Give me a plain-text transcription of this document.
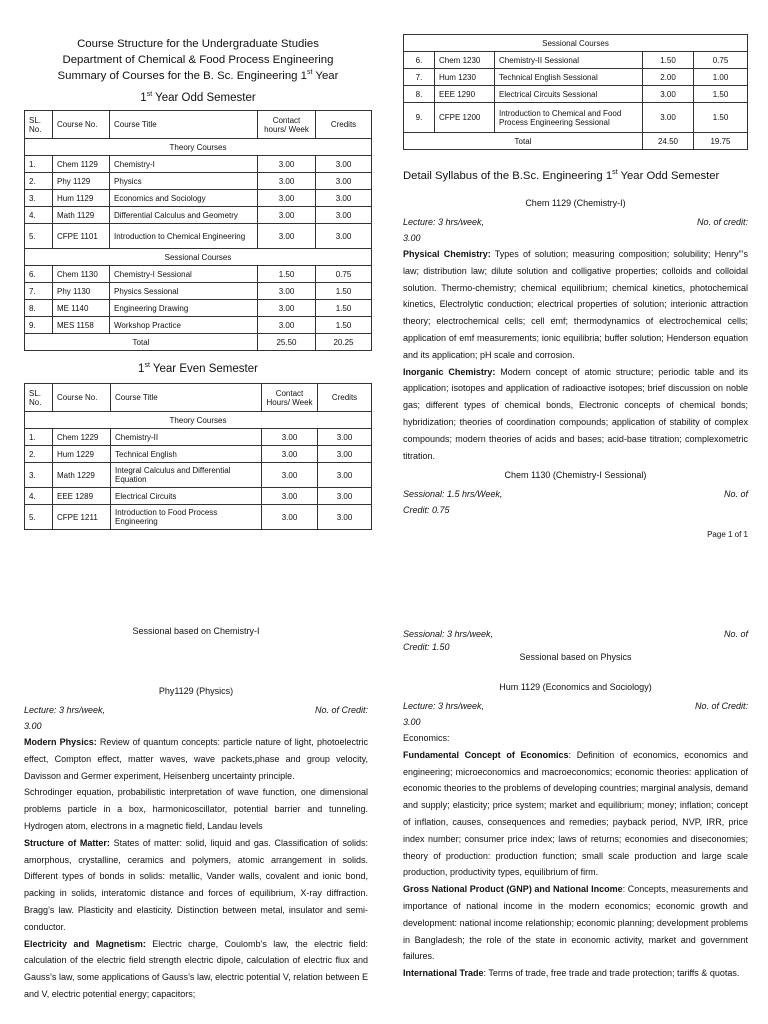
Course Structure for the Undergraduate Studies
Department of Chemical & Food Process Engineering
Summary of Courses for the B. Sc. Engineering 1st Year
1st Year Odd Semester
SL. No.	Course No.	Course Title	Contact hours/ Week	Credits
Theory Courses				
1.	Chem 1129	Chemistry-I	3.00	3.00
2.	Phy 1129	Physics	3.00	3.00
3.	Hum 1129	Economics and Sociology	3.00	3.00
4.	Math 1129	Differential Calculus and Geometry	3.00	3.00
5.	CFPE 1101	Introduction to Chemical Engineering	3.00	3.00
Sessional Courses				
6.	Chem 1130	Chemistry-I Sessional	1.50	0.75
7.	Phy 1130	Physics Sessional	3.00	1.50
8.	ME 1140	Engineering Drawing	3.00	1.50
9.	MES 1158	Workshop Practice	3.00	1.50
Total			25.50	20.25
1st Year Even Semester
SL. No.	Course No.	Course Title	Contact Hours/ Week	Credits
Theory Courses				
1.	Chem 1229	Chemistry-II	3.00	3.00
2.	Hum 1229	Technical English	3.00	3.00
3.	Math 1229	Integral Calculus and Differential Equation	3.00	3.00
4.	EEE 1289	Electrical Circuits	3.00	3.00
5.	CFPE 1211	Introduction to Food Process Engineering	3.00	3.00
Sessional Courses				
6.	Chem 1230	Chemistry-II Sessional	1.50	0.75
7.	Hum 1230	Technical English Sessional	2.00	1.00
8.	EEE 1290	Electrical Circuits Sessional	3.00	1.50
9.	CFPE 1200	Introduction to Chemical and Food Process Engineering Sessional	3.00	1.50
Total			24.50	19.75
Detail Syllabus of the B.Sc. Engineering 1st Year Odd Semester
Chem 1129 (Chemistry-I)
Lecture: 3 hrs/week,	No. of credit:
3.00

Physical Chemistry: Types of solution; measuring composition; solubility; Henry”’s law; distribution law; dilute solution and colligative properties; colloids and colloidal solution. Thermo-chemistry; chemical equilibrium; chemical kinetics, photochemical kinetics, Electrolytic conduction; electrical properties of solution; interionic attraction theory; electrochemical cells; cell emf; thermodynamics of electrochemical cells; application of emf measurements; ionic equilibria; buffer solution; Henderson equation and its application; pH scale and corrosion.

Inorganic Chemistry: Modern concept of atomic structure; periodic table and its application; isotopes and application of radioactive isotopes; brief discussion on noble gas; different types of chemical bonds, Electronic concepts of chemical bonds; hybridization; theories of coordination compounds; application of stability of complex compounds; modern theories of acids and bases; acid-base titration; complexometric titration.

Chem 1130 (Chemistry-I Sessional)
Sessional: 1.5 hrs/Week,	No. of
Credit: 0.75
Page 1 of 1
Sessional based on Chemistry-I
Phy1129 (Physics)
Lecture: 3 hrs/week,	No. of Credit:
3.00

Modern Physics: Review of quantum concepts: particle nature of light, photoelectric effect, Compton effect, matter waves, wave packets,phase and group velocity, Davisson and Germer experiment, Heisenberg uncertainty principle.

Schrodinger equation, probabilistic interpretation of wave function, one dimensional problems particle in a box, harmonicoscillator, potential barrier and tunneling. Hydrogen atom, electrons in a magnetic field, Landau levels

Structure of Matter: States of matter: solid, liquid and gas. Classification of solids: amorphous, crystalline, ceramics and polymers, atomic arrangement in solids. Different types of bonds in solids: metallic, Vander walls, covalent and ionic bond, packing in solids, interatomic distance and forces of equilibrium, X-ray diffraction. Bragg’s law. Plasticity and elasticity. Distinction between metal, insulator and semi-conductor.

Electricity and Magnetism: Electric charge, Coulomb’s law, the electric field: calculation of the electric field strength electric dipole, calculation of electric flux and Gauss’s law, some applications of Gauss’s law, electric potential V, relation between E and V, electric potential energy; capacitors;

Sessional: 3 hrs/week,	No. of
Credit: 1.50
Sessional based on Physics
Hum 1129 (Economics and Sociology)
Lecture: 3 hrs/week,	No. of Credit:
3.00

Economics:

Fundamental Concept of Economics: Definition of economics, economics and engineering; microeconomics and macroeconomics; economic theories: application of economic theories to the problems of developing countries; marginal analysis, demand and supply; elasticity; price system; market and equilibrium; money; inflation; concept of inflation, causes, consequences and remedies; payback period, NVP, IRR, price index number; consumer price index; laws of returns; economies and diseconomies; theory of production: production function; small scale production and large scale production, productivity types, equilibrium of firm.

Gross National Product (GNP) and National Income: Concepts, measurements and importance of national income in the modern economics; economic growth and development: national income relationship; economic planning; development problems in Bangladesh; the role of the state in economic activity, market and government failures.

International Trade: Terms of trade, free trade and trade protection; tariffs & quotas.
